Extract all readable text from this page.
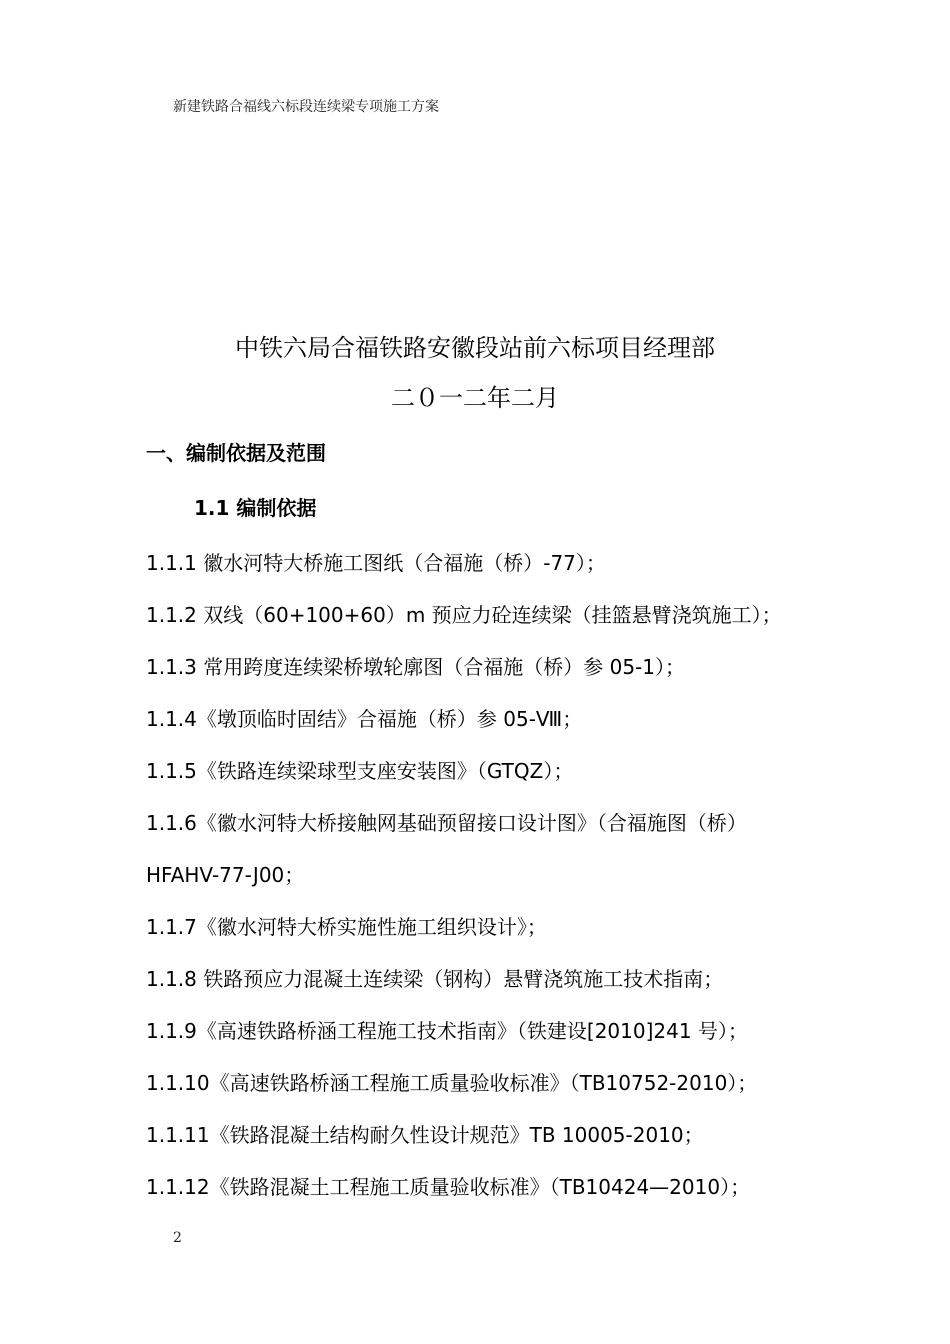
新建铁路合福线六标段连续梁专项施工方案
中铁六局合福铁路安徽段站前六标项目经理部
二０一二年二月
一、编制依据及范围
1.1 编制依据
1.1.1 徽水河特大桥施工图纸（合福施（桥）-77）；
1.1.2 双线（60+100+60）m 预应力砼连续梁（挂篮悬臂浇筑施工）；
1.1.3 常用跨度连续梁桥墩轮廓图（合福施（桥）参 05-1）；
1.1.4《墩顶临时固结》合福施（桥）参 05-Ⅷ；
1.1.5《铁路连续梁球型支座安装图》（GTQZ）；
1.1.6《徽水河特大桥接触网基础预留接口设计图》（合福施图（桥）
HFAHV-77-J00；
1.1.7《徽水河特大桥实施性施工组织设计》；
1.1.8 铁路预应力混凝土连续梁（钢构）悬臂浇筑施工技术指南；
1.1.9《高速铁路桥涵工程施工技术指南》（铁建设[2010]241 号）；
1.1.10《高速铁路桥涵工程施工质量验收标准》（TB10752-2010）；
1.1.11《铁路混凝土结构耐久性设计规范》TB 10005-2010；
1.1.12《铁路混凝土工程施工质量验收标准》（TB10424—2010）；
2
